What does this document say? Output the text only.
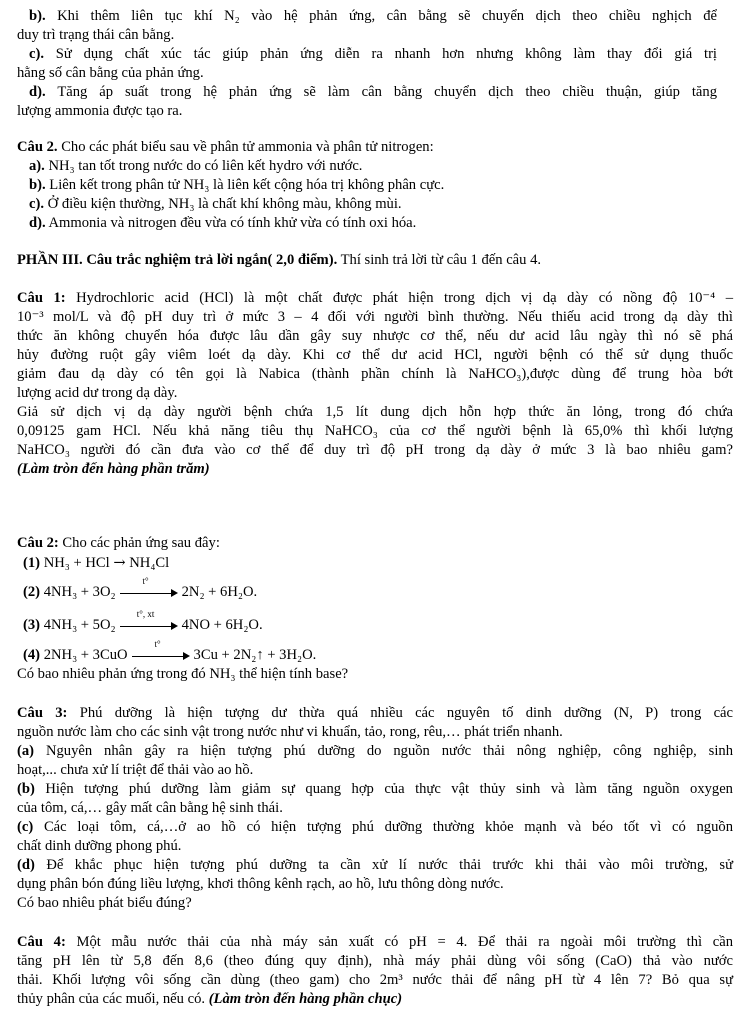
b). Khi thêm liên tục khí N₂ vào hệ phản ứng, cân bằng sẽ chuyển dịch theo chiều nghịch để
duy trì trạng thái cân bằng.
c). Sử dụng chất xúc tác giúp phản ứng diễn ra nhanh hơn nhưng không làm thay đổi giá trị
hằng số cân bằng của phản ứng.
d). Tăng áp suất trong hệ phản ứng sẽ làm cân bằng chuyển dịch theo chiều thuận, giúp tăng
lượng ammonia được tạo ra.
Câu 2. Cho các phát biểu sau về phân tử ammonia và phân tử nitrogen:
a). NH₃ tan tốt trong nước do có liên kết hydro với nước.
b). Liên kết trong phân tử NH₃ là liên kết cộng hóa trị không phân cực.
c). Ở điều kiện thường, NH₃ là chất khí không màu, không mùi.
d). Ammonia và nitrogen đều vừa có tính khử vừa có tính oxi hóa.
PHẦN III. Câu trắc nghiệm trả lời ngắn( 2,0 điểm). Thí sinh trả lời từ câu 1 đến câu 4.
Câu 1: Hydrochloric acid (HCl) là một chất được phát hiện trong dịch vị dạ dày có nồng độ 10⁻⁴ –
10⁻³ mol/L và độ pH duy trì ở mức 3 – 4 đối với người bình thường. Nếu thiếu acid trong dạ dày thì
thức ăn không chuyển hóa được lâu dần gây suy nhược cơ thể, nếu dư acid lâu ngày thì nó sẽ phá
hủy đường ruột gây viêm loét dạ dày. Khi cơ thể dư acid HCl, người bệnh có thể sử dụng thuốc
giảm đau dạ dày có tên gọi là Nabica (thành phần chính là NaHCO₃),được dùng để trung hòa bớt
lượng acid dư trong dạ dày.
Giả sử dịch vị dạ dày người bệnh chứa 1,5 lít dung dịch hỗn hợp thức ăn lỏng, trong đó chứa
0,09125 gam HCl. Nếu khả năng tiêu thụ NaHCO₃ của cơ thể người bệnh là 65,0% thì khối lượng
NaHCO₃ người đó cần đưa vào cơ thể để duy trì độ pH trong dạ dày ở mức 3 là bao nhiêu gam?
(Làm tròn đến hàng phần trăm)
Câu 2: Cho các phản ứng sau đây:
(1) NH₃ + HCl → NH₄Cl
(2) 4NH₃ + 3O₂
t°
2N₂ + 6H₂O.
(3) 4NH₃ + 5O₂
t°, xt
4NO + 6H₂O.
(4) 2NH₃ + 3CuO
t°
3Cu + 2N₂↑ + 3H₂O.
Có bao nhiêu phản ứng trong đó NH₃ thể hiện tính base?
Câu 3: Phú dưỡng là hiện tượng dư thừa quá nhiều các nguyên tố dinh dưỡng (N, P) trong các
nguồn nước làm cho các sinh vật trong nước như vi khuẩn, tảo, rong, rêu,… phát triển nhanh.
(a) Nguyên nhân gây ra hiện tượng phú dưỡng do nguồn nước thải nông nghiệp, công nghiệp, sinh
hoạt,... chưa xử lí triệt để thải vào ao hồ.
(b) Hiện tượng phú dưỡng làm giảm sự quang hợp của thực vật thủy sinh và làm tăng nguồn oxygen
của tôm, cá,… gây mất cân bằng hệ sinh thái.
(c) Các loại tôm, cá,…ở ao hồ có hiện tượng phú dưỡng thường khỏe mạnh và béo tốt vì có nguồn
chất dinh dưỡng phong phú.
(d) Để khắc phục hiện tượng phú dưỡng ta cần xử lí nước thải trước khi thải vào môi trường, sử
dụng phân bón đúng liều lượng, khơi thông kênh rạch, ao hồ, lưu thông dòng nước.
Có bao nhiêu phát biểu đúng?
Câu 4: Một mẫu nước thải của nhà máy sản xuất có pH = 4. Để thải ra ngoài môi trường thì cần
tăng pH lên từ 5,8 đến 8,6 (theo đúng quy định), nhà máy phải dùng vôi sống (CaO) thả vào nước
thải. Khối lượng vôi sống cần dùng (theo gam) cho 2m³ nước thải để nâng pH từ 4 lên 7? Bỏ qua sự
thủy phân của các muối, nếu có. (Làm tròn đến hàng phần chục)
